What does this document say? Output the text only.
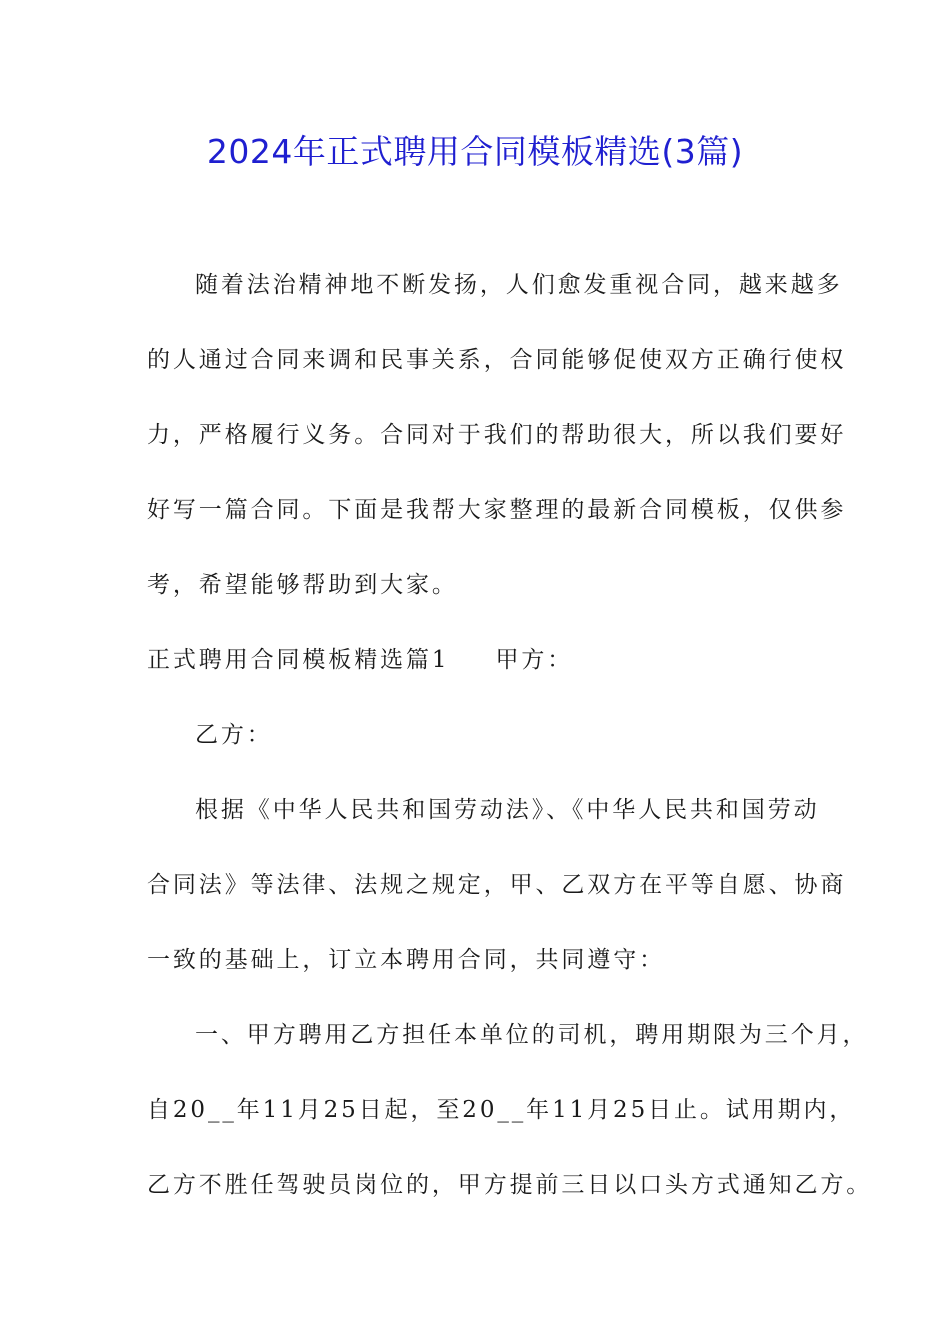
2024年正式聘用合同模板精选(3篇)
随着法治精神地不断发扬，人们愈发重视合同，越来越多
的人通过合同来调和民事关系，合同能够促使双方正确行使权
力，严格履行义务。合同对于我们的帮助很大，所以我们要好
好写一篇合同。下面是我帮大家整理的最新合同模板，仅供参
考，希望能够帮助到大家。
正式聘用合同模板精选篇1 甲方：
乙方：
根据《中华人民共和国劳动法》、《中华人民共和国劳动
合同法》等法律、法规之规定，甲、乙双方在平等自愿、协商
一致的基础上，订立本聘用合同，共同遵守：
一、甲方聘用乙方担任本单位的司机，聘用期限为三个月，
自20__年11月25日起，至20__年11月25日止。试用期内，
乙方不胜任驾驶员岗位的，甲方提前三日以口头方式通知乙方。
